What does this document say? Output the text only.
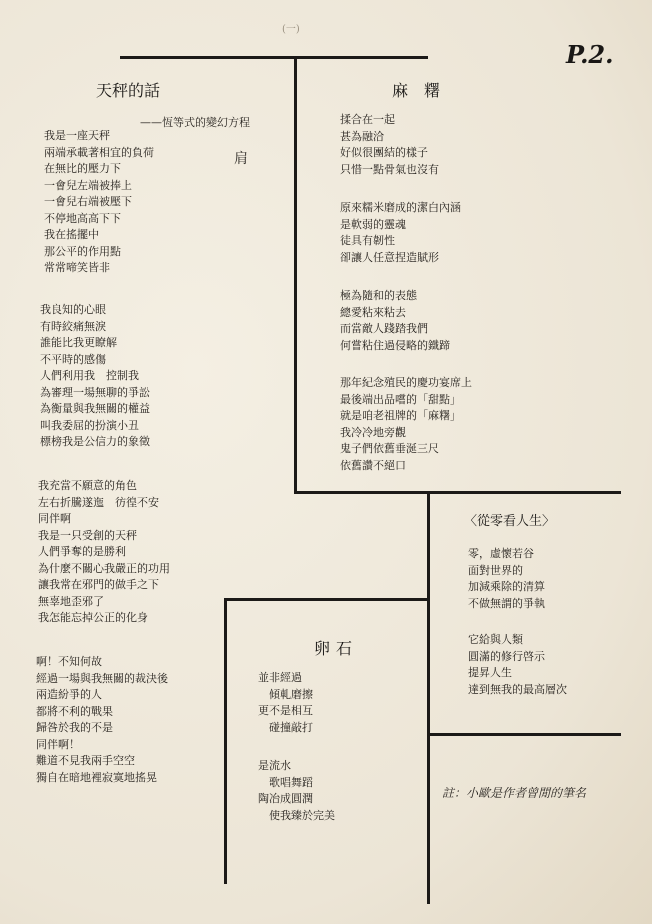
(一)
P.2.
天秤的話
——恆等式的變幻方程
肩
我是一座天秤
兩端承載著相宜的負荷
在無比的壓力下
一會兒左端被捧上
一會兒右端被壓下
不停地高高下下
我在搖擺中
那公平的作用點
常常啼笑皆非
我良知的心眼
有時絞痛無淚
誰能比我更瞭解
不平時的感傷
人們利用我　控制我
為審理一場無聊的爭訟
為衡量與我無關的權益
叫我委屈的扮演小丑
標榜我是公信力的象徵
我充當不願意的角色
左右折騰遂迤　彷徨不安
同伴啊
我是一只受創的天秤
人們爭奪的是勝利
為什麼不關心我嚴正的功用
讓我常在邪門的做手之下
無辜地歪邪了
我怎能忘掉公正的化身
啊！不知何故
經過一場與我無關的裁決後
兩造紛爭的人
都將不利的戰果
歸咎於我的不是
同伴啊！
難道不見我兩手空空
獨自在暗地裡寂寞地搖晃
麻　糬
揉合在一起
甚為融洽
好似很團結的樣子
只惜一點骨氣也沒有
原來糯米磨成的潔白內涵
是軟弱的靈魂
徒具有韌性
卻讓人任意捏造賦形
極為隨和的表態
總愛粘來粘去
而當敵人踐踏我們
何嘗粘住過侵略的鐵蹄
那年紀念殖民的慶功宴席上
最後端出品嚐的「甜點」
就是咱老祖牌的「麻糬」
我冷冷地旁觀
鬼子們依舊垂涎三尺
依舊讚不絕口
〈從零看人生〉
零，虛懷若谷
面對世界的
加減乘除的清算
不做無謂的爭執
它給與人類
圓滿的修行啓示
提昇人生
達到無我的最高層次
卵石
並非經過
　傾軋磨擦
更不是相互
　碰撞敲打
是流水
　歌唱舞蹈
陶冶成圓潤
　使我臻於完美
註：小歐是作者曾閒的筆名
